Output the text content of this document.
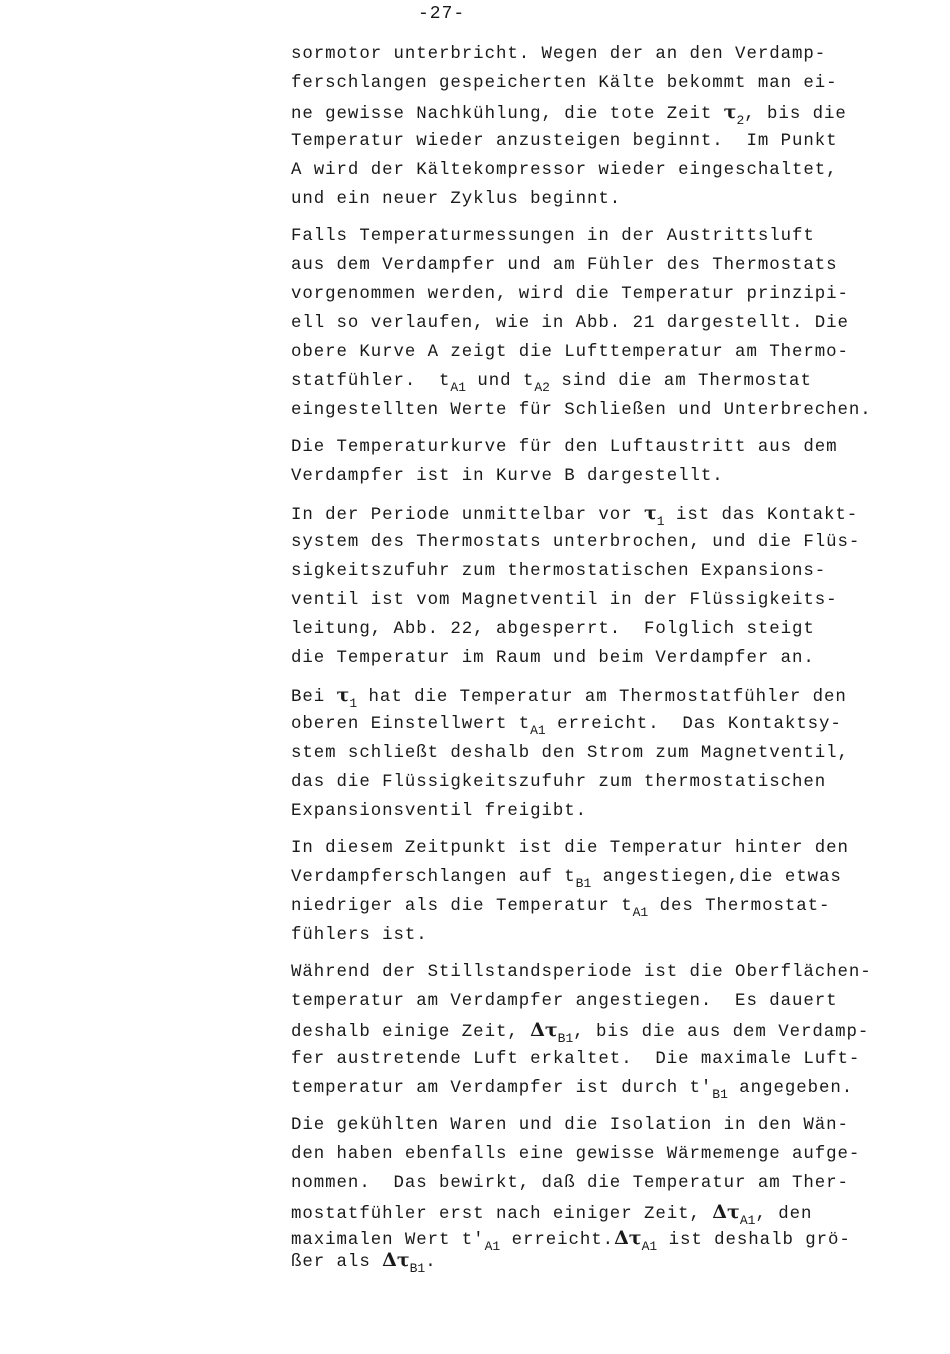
-27-

sormotor unterbricht. Wegen der an den Verdamp-
ferschlangen gespeicherten Kälte bekommt man ei-
ne gewisse Nachkühlung, die tote Zeit $\tau_2$, bis die
Temperatur wieder anzusteigen beginnt.  Im Punkt
A wird der Kältekompressor wieder eingeschaltet,
und ein neuer Zyklus beginnt.

Falls Temperaturmessungen in der Austrittsluft
aus dem Verdampfer und am Fühler des Thermostats
vorgenommen werden, wird die Temperatur prinzipi-
ell so verlaufen, wie in Abb. 21 dargestellt. Die
obere Kurve A zeigt die Lufttemperatur am Thermo-
statfühler.  $t_{A1}$ und $t_{A2}$ sind die am Thermostat
eingestellten Werte für Schließen und Unterbrechen.

Die Temperaturkurve für den Luftaustritt aus dem
Verdampfer ist in Kurve B dargestellt.

In der Periode unmittelbar vor $\tau_1$ ist das Kontakt-
system des Thermostats unterbrochen, und die Flüs-
sigkeitszufuhr zum thermostatischen Expansions-
ventil ist vom Magnetventil in der Flüssigkeits-
leitung, Abb. 22, abgesperrt.  Folglich steigt
die Temperatur im Raum und beim Verdampfer an.

Bei $\tau_1$ hat die Temperatur am Thermostatfühler den
oberen Einstellwert $t_{A1}$ erreicht.  Das Kontaktsy-
stem schließt deshalb den Strom zum Magnetventil,
das die Flüssigkeitszufuhr zum thermostatischen
Expansionsventil freigibt.

In diesem Zeitpunkt ist die Temperatur hinter den
Verdampferschlangen auf $t_{B1}$ angestiegen,die etwas
niedriger als die Temperatur $t_{A1}$ des Thermostat-
fühlers ist.

Während der Stillstandsperiode ist die Oberflächen-
temperatur am Verdampfer angestiegen.  Es dauert
deshalb einige Zeit, $\Delta\tau_{B1}$, bis die aus dem Verdamp-
fer austretende Luft erkaltet.  Die maximale Luft-
temperatur am Verdampfer ist durch $t'_{B1}$ angegeben.

Die gekühlten Waren und die Isolation in den Wän-
den haben ebenfalls eine gewisse Wärmemenge aufge-
nommen.  Das bewirkt, daß die Temperatur am Ther-
mostatfühler erst nach einiger Zeit, $\Delta\tau_{A1}$, den
maximalen Wert $t'_{A1}$ $erreicht.\Delta\tau_{A1}$ ist deshalb grö-
ßer als $\Delta\tau_{B1}$.
